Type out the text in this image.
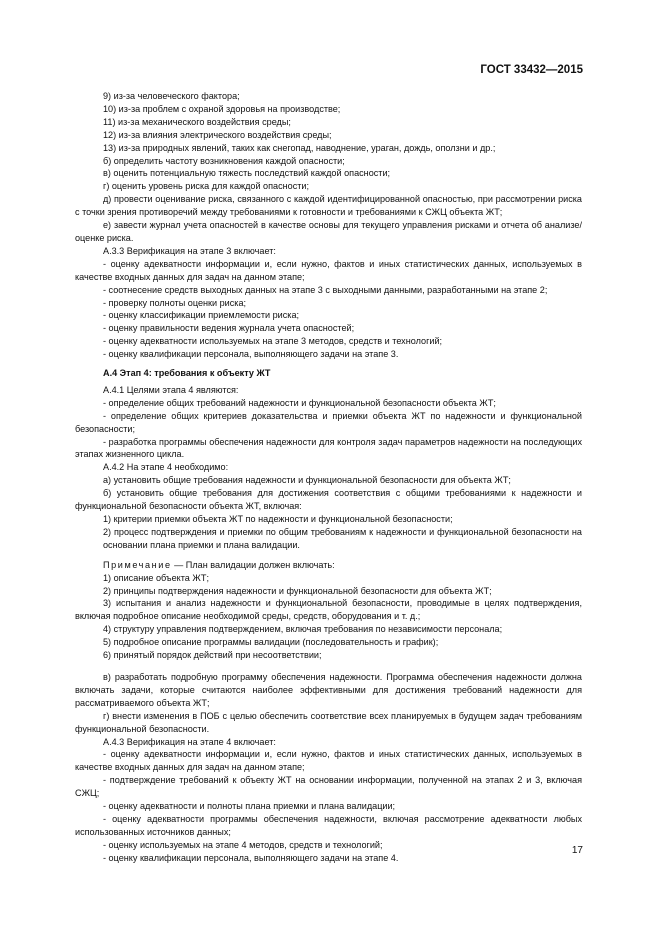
ГОСТ 33432—2015

9) из-за человеческого фактора;

10) из-за проблем с охраной здоровья на производстве;

11) из-за механического воздействия среды;

12) из-за влияния электрического воздействия среды;

13) из-за природных явлений, таких как снегопад, наводнение, ураган, дождь, оползни и др.;

б) определить частоту возникновения каждой опасности;

в) оценить потенциальную тяжесть последствий каждой опасности;

г) оценить уровень риска для каждой опасности;

д) провести оценивание риска, связанного с каждой идентифицированной опасностью, при рассмотрении риска с точки зрения противоречий между требованиями к готовности и требованиями к СЖЦ объекта ЖТ;

е) завести журнал учета опасностей в качестве основы для текущего управления рисками и отчета об анализе/оценке риска.

А.3.3 Верификация на этапе 3 включает:

- оценку адекватности информации и, если нужно, фактов и иных статистических данных, используемых в качестве входных данных для задач на данном этапе;

- соотнесение средств выходных данных на этапе 3 с выходными данными, разработанными на этапе 2;

- проверку полноты оценки риска;

- оценку классификации приемлемости риска;

- оценку правильности ведения журнала учета опасностей;

- оценку адекватности используемых на этапе 3 методов, средств и технологий;

- оценку квалификации персонала, выполняющего задачи на этапе 3.

А.4 Этап 4: требования к объекту ЖТ

А.4.1 Целями этапа 4 являются:

- определение общих требований надежности и функциональной безопасности объекта ЖТ;

- определение общих критериев доказательства и приемки объекта ЖТ по надежности и функциональной безопасности;

- разработка программы обеспечения надежности для контроля задач параметров надежности на последующих этапах жизненного цикла.

А.4.2 На этапе 4 необходимо:

а) установить общие требования надежности и функциональной безопасности для объекта ЖТ;

б) установить общие требования для достижения соответствия с общими требованиями к надежности и функциональной безопасности объекта ЖТ, включая:

1) критерии приемки объекта ЖТ по надежности и функциональной безопасности;

2) процесс подтверждения и приемки по общим требованиям к надежности и функциональной безопасности на основании плана приемки и плана валидации.

Примечание — План валидации должен включать:

1) описание объекта ЖТ;

2) принципы подтверждения надежности и функциональной безопасности для объекта ЖТ;

3) испытания и анализ надежности и функциональной безопасности, проводимые в целях подтверждения, включая подробное описание необходимой среды, средств, оборудования и т. д.;

4) структуру управления подтверждением, включая требования по независимости персонала;

5) подробное описание программы валидации (последовательность и график);

6) принятый порядок действий при несоответствии;

в) разработать подробную программу обеспечения надежности. Программа обеспечения надежности должна включать задачи, которые считаются наиболее эффективными для достижения требований надежности для рассматриваемого объекта ЖТ;

г) внести изменения в ПОБ с целью обеспечить соответствие всех планируемых в будущем задач требованиям функциональной безопасности.

А.4.3 Верификация на этапе 4 включает:

- оценку адекватности информации и, если нужно, фактов и иных статистических данных, используемых в качестве входных данных для задач на данном этапе;

- подтверждение требований к объекту ЖТ на основании информации, полученной на этапах 2 и 3, включая СЖЦ;

- оценку адекватности и полноты плана приемки и плана валидации;

- оценку адекватности программы обеспечения надежности, включая рассмотрение адекватности любых использованных источников данных;

- оценку используемых на этапе 4 методов, средств и технологий;

- оценку квалификации персонала, выполняющего задачи на этапе 4.

17
